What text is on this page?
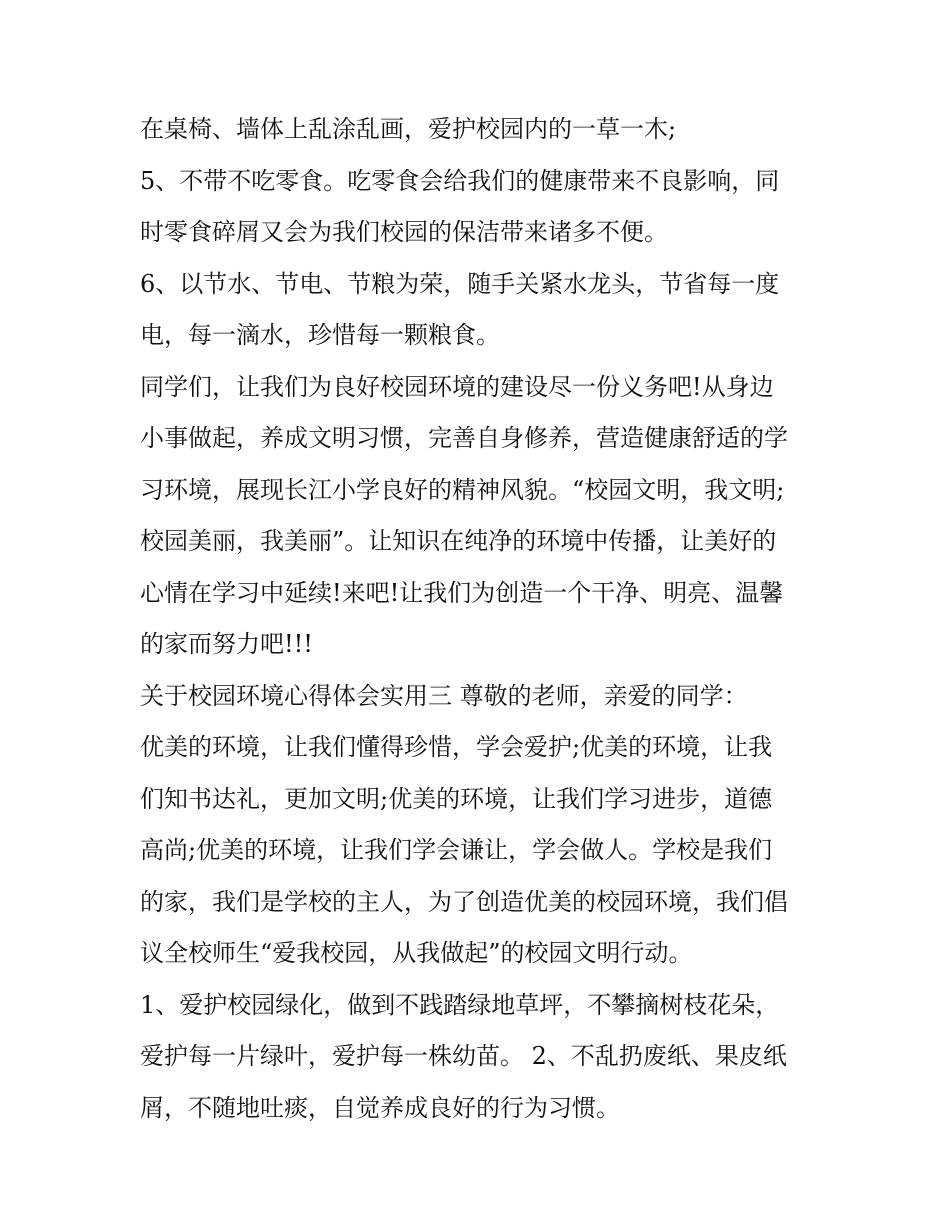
在桌椅、墙体上乱涂乱画，爱护校园内的一草一木;
5、不带不吃零食。吃零食会给我们的健康带来不良影响，同
时零食碎屑又会为我们校园的保洁带来诸多不便。
6、以节水、节电、节粮为荣，随手关紧水龙头，节省每一度
电，每一滴水，珍惜每一颗粮食。
同学们，让我们为良好校园环境的建设尽一份义务吧!从身边
小事做起，养成文明习惯，完善自身修养，营造健康舒适的学
习环境，展现长江小学良好的精神风貌。“校园文明，我文明;
校园美丽，我美丽”。让知识在纯净的环境中传播，让美好的
心情在学习中延续!来吧!让我们为创造一个干净、明亮、温馨
的家而努力吧!!!
关于校园环境心得体会实用三 尊敬的老师，亲爱的同学：
优美的环境，让我们懂得珍惜，学会爱护;优美的环境，让我
们知书达礼，更加文明;优美的环境，让我们学习进步，道德
高尚;优美的环境，让我们学会谦让，学会做人。学校是我们
的家，我们是学校的主人，为了创造优美的校园环境，我们倡
议全校师生“爱我校园，从我做起”的校园文明行动。
1、爱护校园绿化，做到不践踏绿地草坪，不攀摘树枝花朵，
爱护每一片绿叶，爱护每一株幼苗。 2、不乱扔废纸、果皮纸
屑，不随地吐痰，自觉养成良好的行为习惯。
